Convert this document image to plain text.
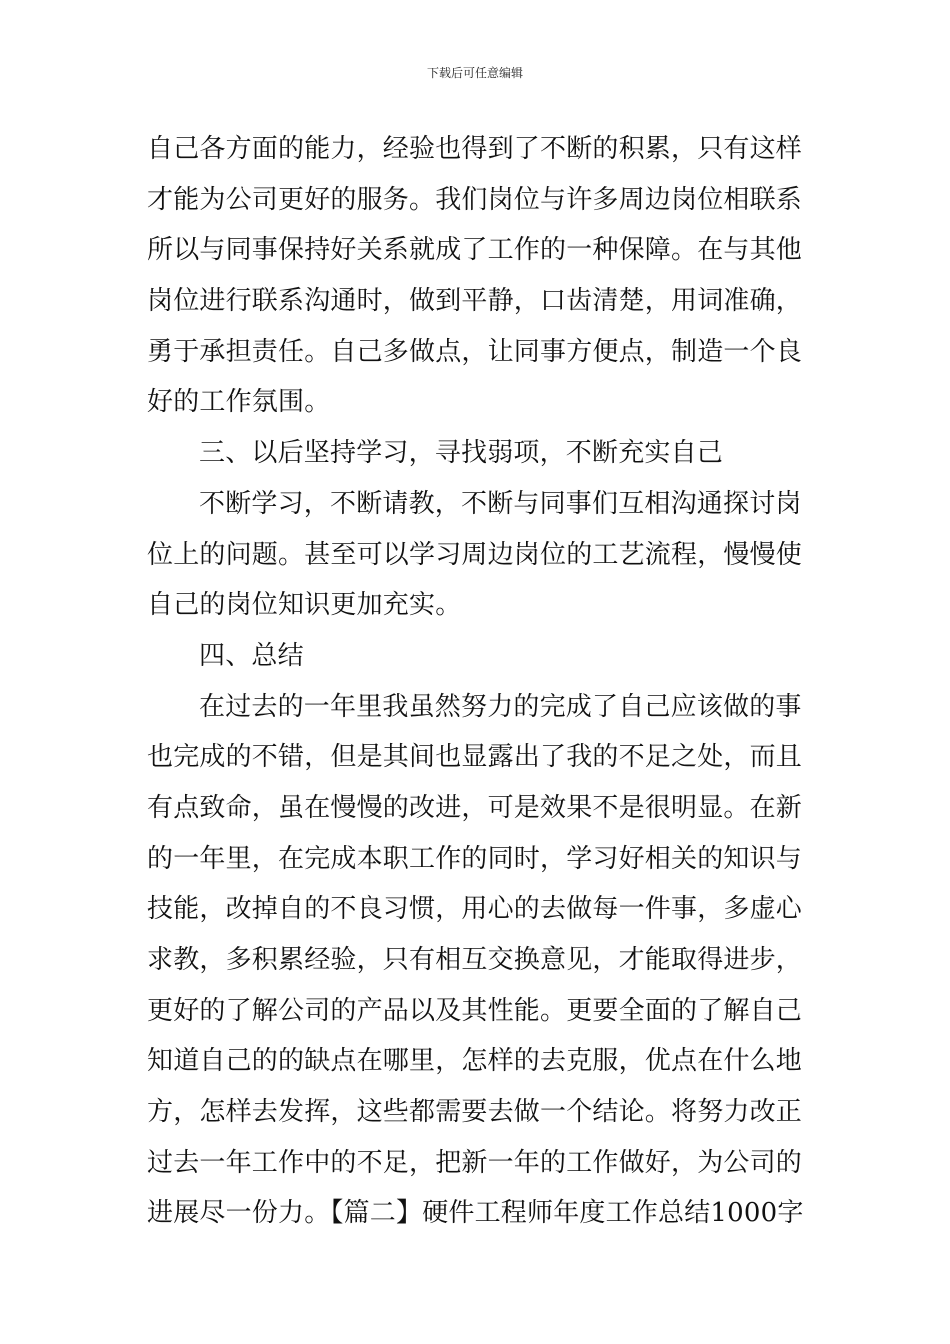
下载后可任意编辑
自己各方面的能力，经验也得到了不断的积累，只有这样
才能为公司更好的服务。我们岗位与许多周边岗位相联系
所以与同事保持好关系就成了工作的一种保障。在与其他
岗位进行联系沟通时，做到平静，口齿清楚，用词准确，
勇于承担责任。自己多做点，让同事方便点，制造一个良
好的工作氛围。
三、以后坚持学习，寻找弱项，不断充实自己
不断学习，不断请教，不断与同事们互相沟通探讨岗
位上的问题。甚至可以学习周边岗位的工艺流程，慢慢使
自己的岗位知识更加充实。
四、总结
在过去的一年里我虽然努力的完成了自己应该做的事
也完成的不错，但是其间也显露出了我的不足之处，而且
有点致命，虽在慢慢的改进，可是效果不是很明显。在新
的一年里，在完成本职工作的同时，学习好相关的知识与
技能，改掉自的不良习惯，用心的去做每一件事，多虚心
求教，多积累经验，只有相互交换意见，才能取得进步，
更好的了解公司的产品以及其性能。更要全面的了解自己
知道自己的的缺点在哪里，怎样的去克服，优点在什么地
方，怎样去发挥，这些都需要去做一个结论。将努力改正
过去一年工作中的不足，把新一年的工作做好，为公司的
进展尽一份力。【篇二】硬件工程师年度工作总结1000字
